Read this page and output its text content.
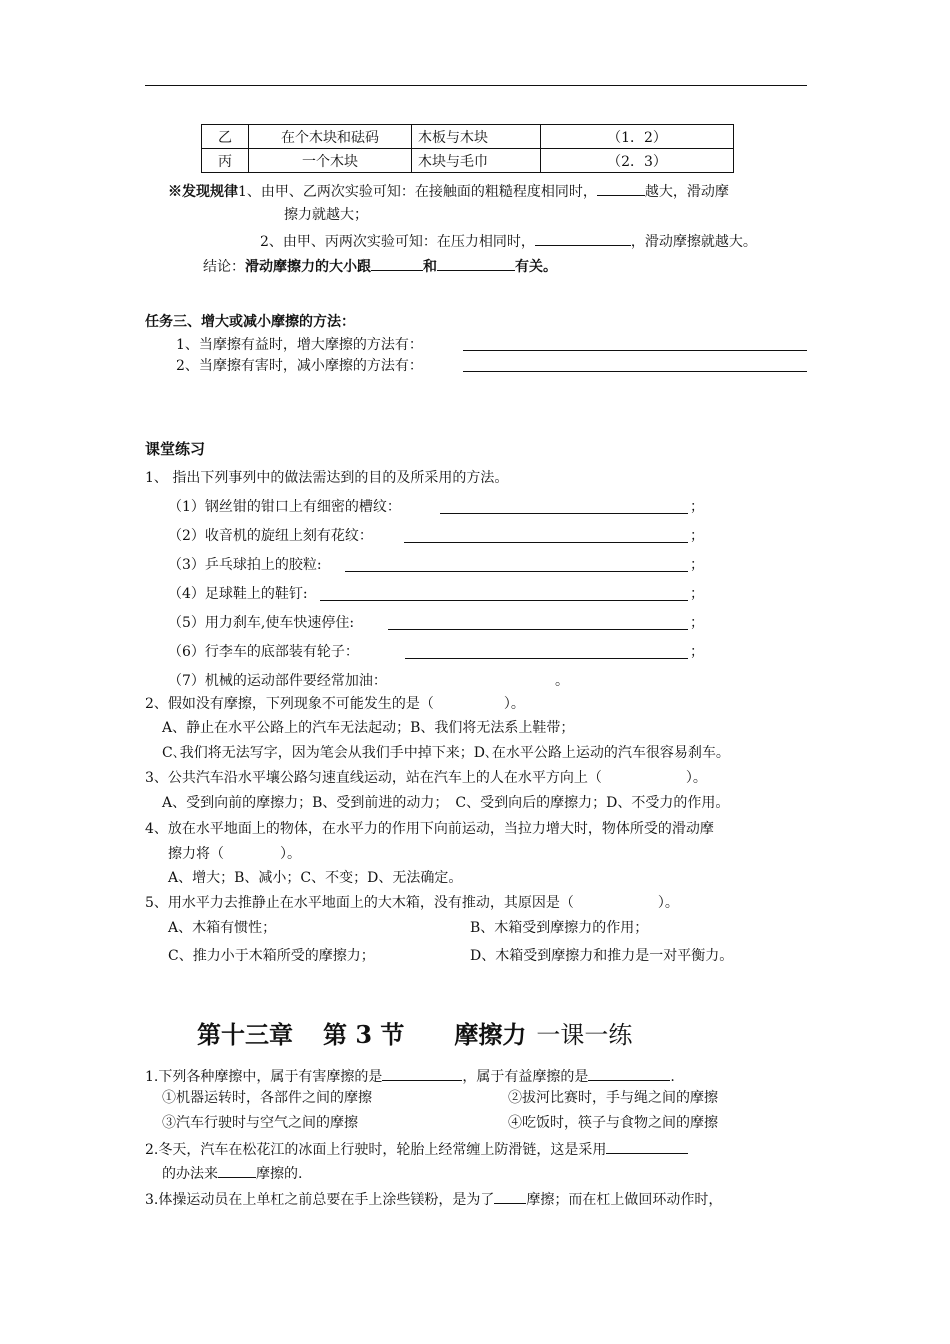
乙	在个木块和砝码	木板与木块	（1．2）
丙	一个木块	木块与毛巾	（2．3）
※发现规律1、由甲、乙两次实验可知：在接触面的粗糙程度相同时，	越大，滑动摩
擦力就越大；
2、由甲、丙两次实验可知：在压力相同时，	，滑动摩擦就越大。
结论：滑动摩擦力的大小跟	和	有关。
任务三、增大或减小摩擦的方法：
1、当摩擦有益时，增大摩擦的方法有：
2、当摩擦有害时，减小摩擦的方法有：
课堂练习
1、 指出下列事列中的做法需达到的目的及所采用的方法。
（1）钢丝钳的钳口上有细密的槽纹：	；
（2）收音机的旋纽上刻有花纹：	；
（3）乒乓球拍上的胶粒:	；
（4）足球鞋上的鞋钉:	；
（5）用力刹车,使车快速停住:	；
（6）行李车的底部装有轮子：	；
（7）机械的运动部件要经常加油：	。
2、假如没有摩擦，下列现象不可能发生的是（　　　　　）。
A、静止在水平公路上的汽车无法起动；B、我们将无法系上鞋带；
C､我们将无法写字，因为笔会从我们手中掉下来；D､在水平公路上运动的汽车很容易刹车。
3、公共汽车沿水平壤公路匀速直线运动，站在汽车上的人在水平方向上（　　　　　　）。
A、受到向前的摩擦力；B、受到前进的动力；　C、受到向后的摩擦力；D、不受力的作用。
4、放在水平地面上的物体，在水平力的作用下向前运动，当拉力增大时，物体所受的滑动摩
擦力将（　　　　）。
A、增大；B、减小；C、不变；D、无法确定。
5、用水平力去推静止在水平地面上的大木箱，没有推动，其原因是（　　　　　　）。
A、木箱有惯性；	B、木箱受到摩擦力的作用；
C、推力小于木箱所受的摩擦力；	D、木箱受到摩擦力和推力是一对平衡力。
第十三章 第 3 节 摩擦力 一课一练
1.下列各种摩擦中，属于有害摩擦的是	，属于有益摩擦的是	.
①机器运转时，各部件之间的摩擦	②拔河比赛时，手与绳之间的摩擦
③汽车行驶时与空气之间的摩擦	④吃饭时，筷子与食物之间的摩擦
2.冬天，汽车在松花江的冰面上行驶时，轮胎上经常缠上防滑链，这是采用
的办法来	摩擦的.
3.体操运动员在上单杠之前总要在手上涂些镁粉，是为了 摩擦；而在杠上做回环动作时，
